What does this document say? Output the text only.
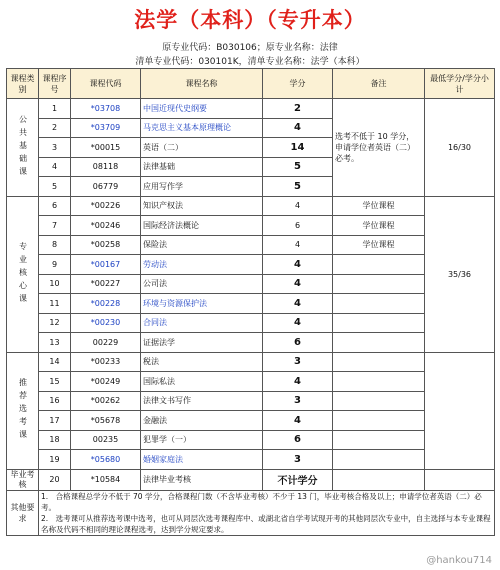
法学（本科）（专升本）
原专业代码：B030106；原专业名称：法律
清单专业代码：030101K，清单专业名称：法学（本科）
课程类别	课程序号	课程代码	课程名称	学分	备注	最低学分/学分小计

公共基础课	1	*03708	中国近现代史纲要	2	选考不低于 10 学分，申请学位者英语（二）必考。	16/30
	2	*03709	马克思主义基本原理概论	4		
	3	*00015	英语（二）	14		
	4	08118	法律基础	5		
	5	06779	应用写作学	5		

专业核心课	6	*00226	知识产权法	4	学位课程	35/36
	7	*00246	国际经济法概论	6	学位课程	
	8	*00258	保险法	4	学位课程	
	9	*00167	劳动法	4		
	10	*00227	公司法	4		
	11	*00228	环境与资源保护法	4		
	12	*00230	合同法	4		
	13	00229	证据法学	6		

推荐选考课	14	*00233	税法	3		
	15	*00249	国际私法	4		
	16	*00262	法律文书写作	3		
	17	*05678	金融法	4		
	18	00235	犯罪学（一）	6		
	19	*05680	婚姻家庭法	3		
毕业考核	20	*10584	法律毕业考核	不计学分		
其他要求	1.　合格课程总学分不低于 70 学分，合格课程门数（不含毕业考核）不少于 13 门，毕业考核合格及以上；申请学位者英语（二）必考。
2.　选考课可从推荐选考课中选考，也可从同层次选考课程库中、或湖北省自学考试现开考的其他同层次专业中，自主选择与本专业课程名称及代码不相同的理论课程选考，达到学分规定要求。					
@hankou714
